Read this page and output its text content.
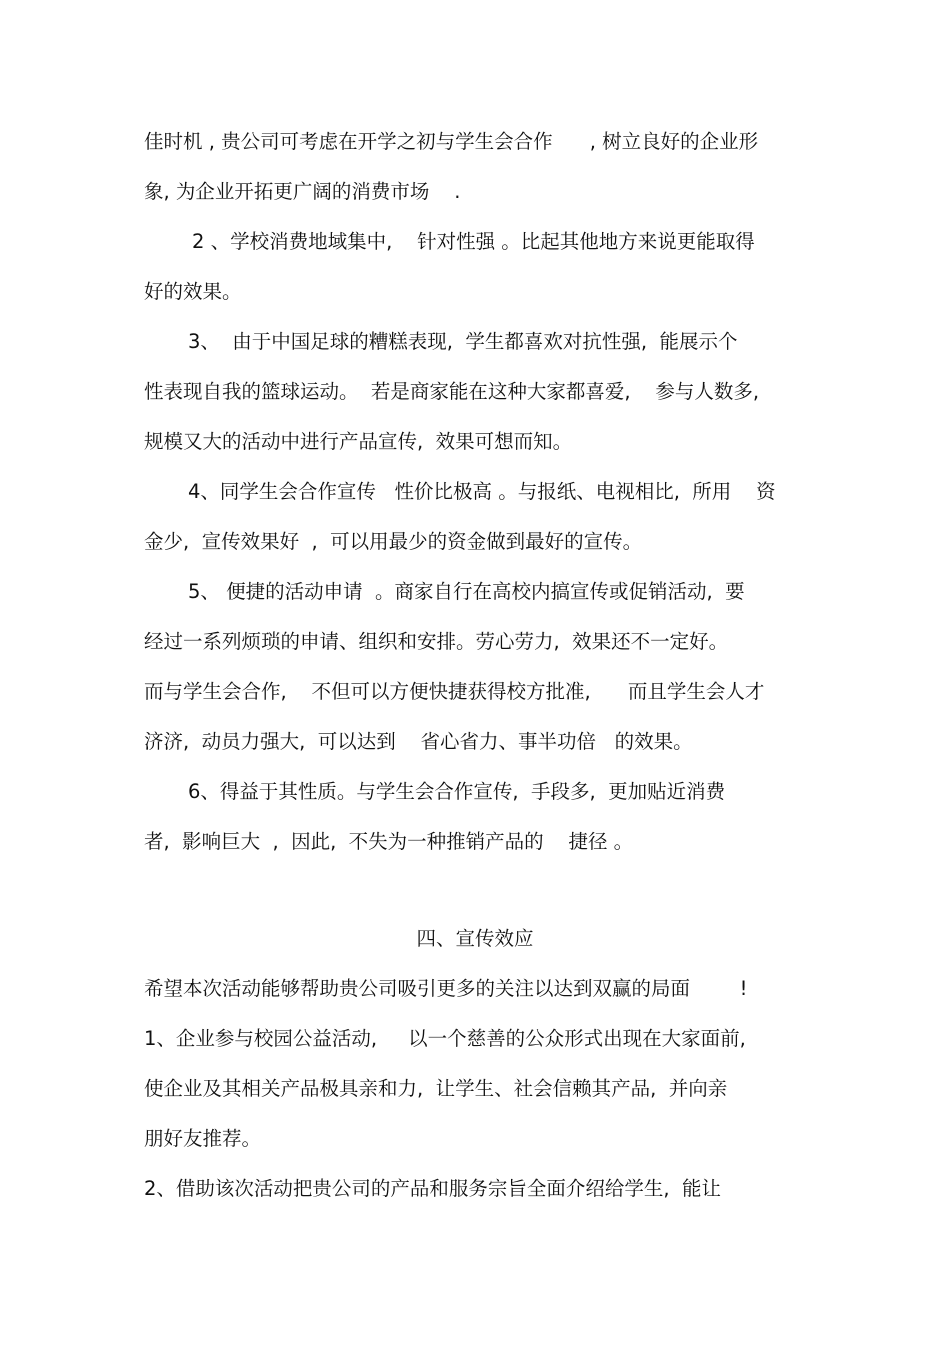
佳时机 , 贵公司可考虑在开学之初与学生会合作      , 树立良好的企业形

象, 为企业开拓更广阔的消费市场    .

2 、学校消费地域集中,    针对性强 。比起其他地方来说更能取得

好的效果。

3、  由于中国足球的糟糕表现,  学生都喜欢对抗性强,  能展示个

性表现自我的篮球运动。  若是商家能在这种大家都喜爱,    参与人数多,

规模又大的活动中进行产品宣传,  效果可想而知。

4、同学生会合作宣传   性价比极高 。与报纸、电视相比,  所用    资

金少,  宣传效果好  ,  可以用最少的资金做到最好的宣传。

5、 便捷的活动申请  。商家自行在高校内搞宣传或促销活动,  要

经过一系列烦琐的申请、组织和安排。劳心劳力,  效果还不一定好。

而与学生会合作,    不但可以方便快捷获得校方批准,      而且学生会人才

济济,  动员力强大,  可以达到    省心省力、事半功倍   的效果。

6、得益于其性质。与学生会合作宣传,  手段多,  更加贴近消费

者,  影响巨大  ,  因此,  不失为一种推销产品的    捷径 。

四、宣传效应

希望本次活动能够帮助贵公司吸引更多的关注以达到双赢的局面        !

1、企业参与校园公益活动,     以一个慈善的公众形式出现在大家面前,

使企业及其相关产品极具亲和力,  让学生、社会信赖其产品,  并向亲

朋好友推荐。

2、借助该次活动把贵公司的产品和服务宗旨全面介绍给学生,  能让
